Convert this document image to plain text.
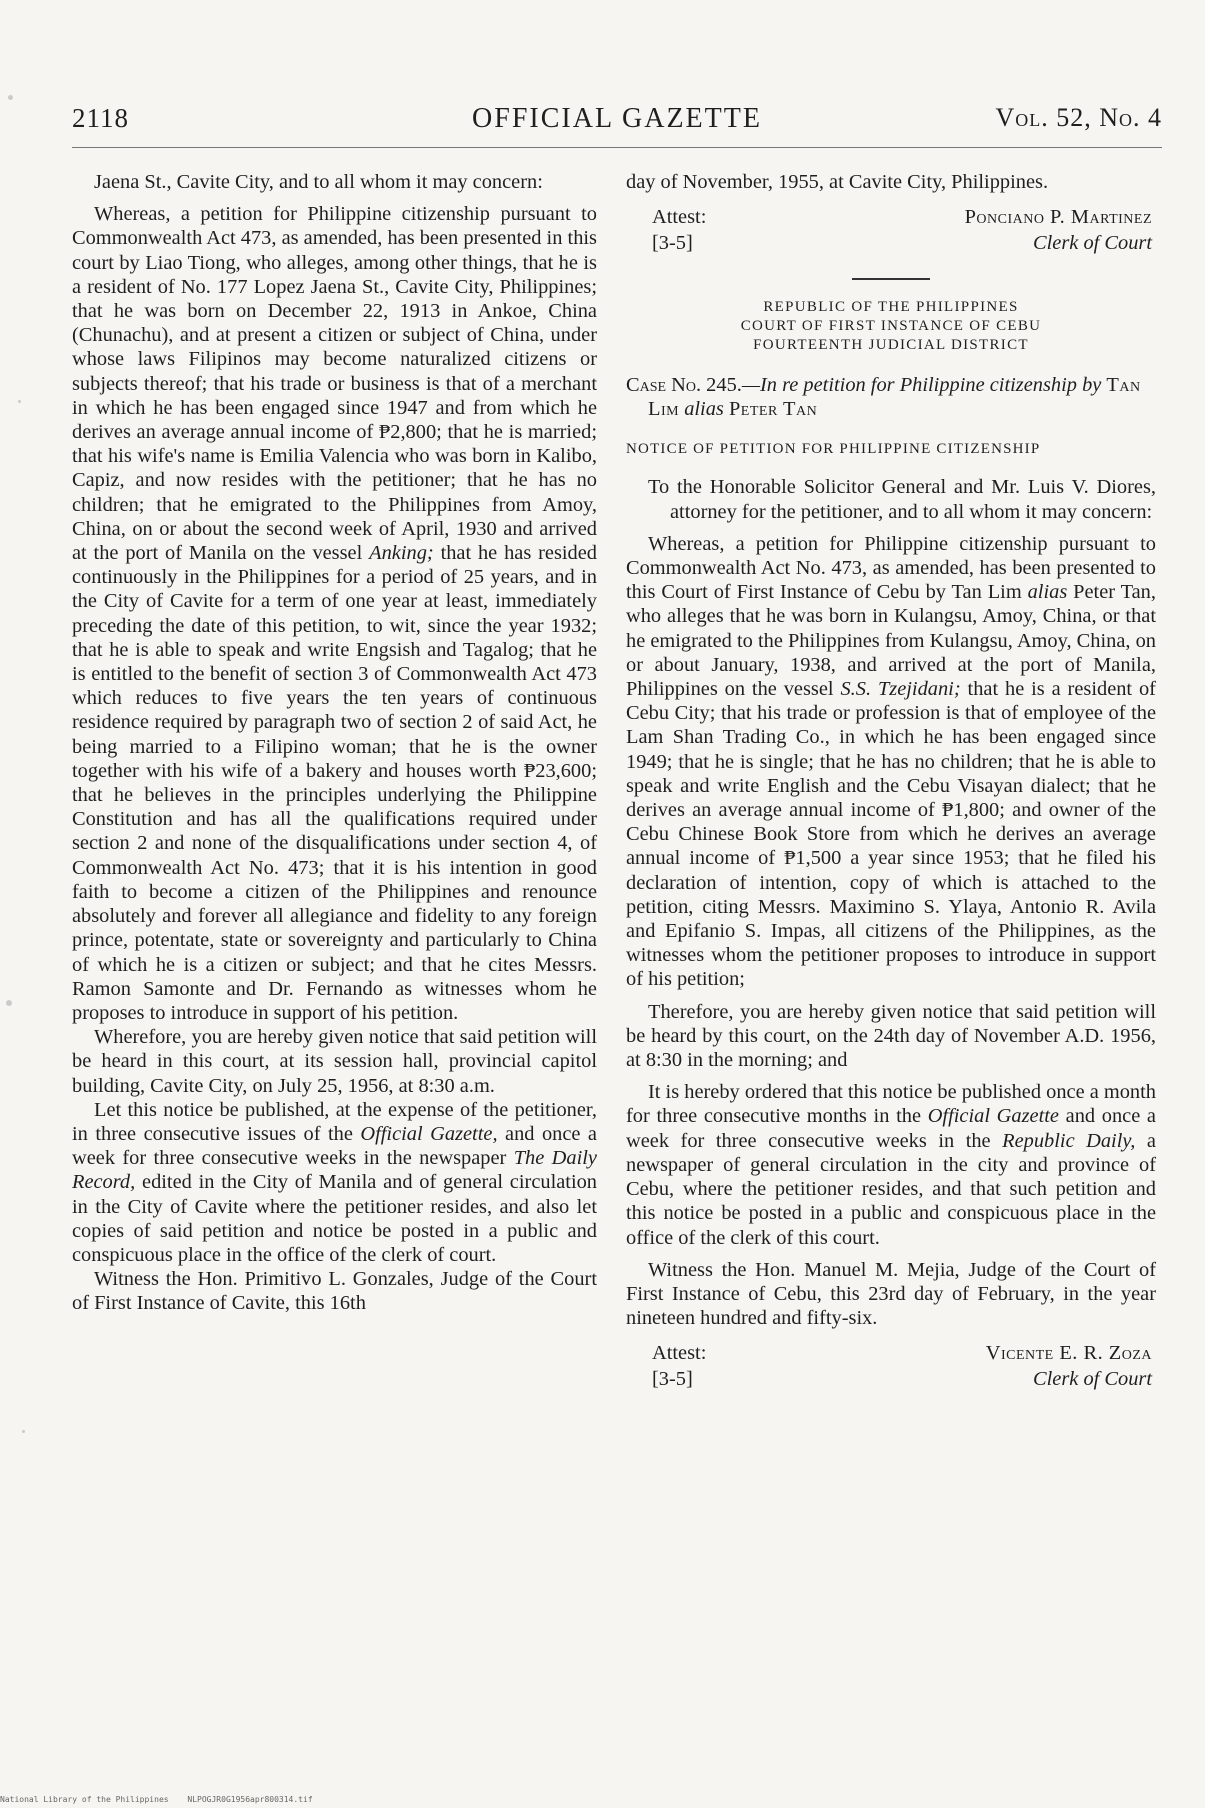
2118	OFFICIAL GAZETTE	Vol. 52, No. 4

Jaena St., Cavite City, and to all whom it may concern:

Whereas, a petition for Philippine citizenship pursuant to Commonwealth Act 473, as amended, has been presented in this court by Liao Tiong, who alleges, among other things, that he is a resident of No. 177 Lopez Jaena St., Cavite City, Philippines; that he was born on December 22, 1913 in Ankoe, China (Chunachu), and at present a citizen or subject of China, under whose laws Filipinos may become naturalized citizens or subjects thereof; that his trade or business is that of a merchant in which he has been engaged since 1947 and from which he derives an average annual income of ₱2,800; that he is married; that his wife's name is Emilia Valencia who was born in Kalibo, Capiz, and now resides with the petitioner; that he has no children; that he emigrated to the Philippines from Amoy, China, on or about the second week of April, 1930 and arrived at the port of Manila on the vessel Anking; that he has resided continuously in the Philippines for a period of 25 years, and in the City of Cavite for a term of one year at least, immediately preceding the date of this petition, to wit, since the year 1932; that he is able to speak and write Engsish and Tagalog; that he is entitled to the benefit of section 3 of Commonwealth Act 473 which reduces to five years the ten years of continuous residence required by paragraph two of section 2 of said Act, he being married to a Filipino woman; that he is the owner together with his wife of a bakery and houses worth ₱23,600; that he believes in the principles underlying the Philippine Constitution and has all the qualifications required under section 2 and none of the disqualifications under section 4, of Commonwealth Act No. 473; that it is his intention in good faith to become a citizen of the Philippines and renounce absolutely and forever all allegiance and fidelity to any foreign prince, potentate, state or sovereignty and particularly to China of which he is a citizen or subject; and that he cites Messrs. Ramon Samonte and Dr. Fernando as witnesses whom he proposes to introduce in support of his petition.

Wherefore, you are hereby given notice that said petition will be heard in this court, at its session hall, provincial capitol building, Cavite City, on July 25, 1956, at 8:30 a.m.

Let this notice be published, at the expense of the petitioner, in three consecutive issues of the Official Gazette, and once a week for three consecutive weeks in the newspaper The Daily Record, edited in the City of Manila and of general circulation in the City of Cavite where the petitioner resides, and also let copies of said petition and notice be posted in a public and conspicuous place in the office of the clerk of court.

Witness the Hon. Primitivo L. Gonzales, Judge of the Court of First Instance of Cavite, this 16th

day of November, 1955, at Cavite City, Philippines.

Attest:
[3-5]
Ponciano P. Martinez
Clerk of Court
REPUBLIC OF THE PHILIPPINES
COURT OF FIRST INSTANCE OF CEBU
FOURTEENTH JUDICIAL DISTRICT
Case No. 245.—In re petition for Philippine citizenship by Tan Lim alias Peter Tan
NOTICE OF PETITION FOR PHILIPPINE CITIZENSHIP

To the Honorable Solicitor General and Mr. Luis V. Diores, attorney for the petitioner, and to all whom it may concern:

Whereas, a petition for Philippine citizenship pursuant to Commonwealth Act No. 473, as amended, has been presented to this Court of First Instance of Cebu by Tan Lim alias Peter Tan, who alleges that he was born in Kulangsu, Amoy, China, or that he emigrated to the Philippines from Kulangsu, Amoy, China, on or about January, 1938, and arrived at the port of Manila, Philippines on the vessel S.S. Tzejidani; that he is a resident of Cebu City; that his trade or profession is that of employee of the Lam Shan Trading Co., in which he has been engaged since 1949; that he is single; that he has no children; that he is able to speak and write English and the Cebu Visayan dialect; that he derives an average annual income of ₱1,800; and owner of the Cebu Chinese Book Store from which he derives an average annual income of ₱1,500 a year since 1953; that he filed his declaration of intention, copy of which is attached to the petition, citing Messrs. Maximino S. Ylaya, Antonio R. Avila and Epifanio S. Impas, all citizens of the Philippines, as the witnesses whom the petitioner proposes to introduce in support of his petition;

Therefore, you are hereby given notice that said petition will be heard by this court, on the 24th day of November A.D. 1956, at 8:30 in the morning; and

It is hereby ordered that this notice be published once a month for three consecutive months in the Official Gazette and once a week for three consecutive weeks in the Republic Daily, a newspaper of general circulation in the city and province of Cebu, where the petitioner resides, and that such petition and this notice be posted in a public and conspicuous place in the office of the clerk of this court.

Witness the Hon. Manuel M. Mejia, Judge of the Court of First Instance of Cebu, this 23rd day of February, in the year nineteen hundred and fifty-six.

Attest:
[3-5]
Vicente E. R. Zoza
Clerk of Court
National Library of the Philippines NLPOGJR0G1956apr800314.tif
